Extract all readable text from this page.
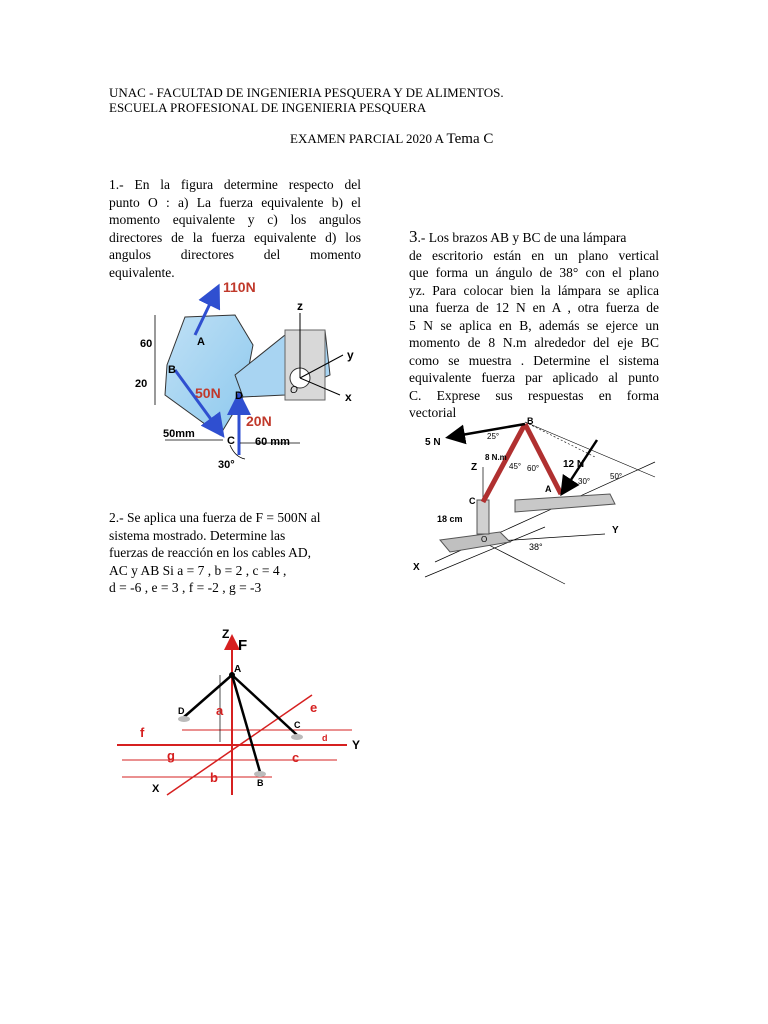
UNAC - FACULTAD DE INGENIERIA PESQUERA Y DE ALIMENTOS.
ESCUELA PROFESIONAL DE INGENIERIA PESQUERA
EXAMEN PARCIAL 2020 A Tema C
1.- En la figura determine respecto del
punto O : a) La fuerza equivalente b) el
momento equivalente y c) los angulos
directores de la fuerza equivalente d) los
angulos directores del momento
equivalente.
z
y
x
O
110N
50N
20N
A
B
C
D
60
20
50mm
60 mm
30°
2.- Se aplica una fuerza de F = 500N al
sistema mostrado. Determine las
fuerzas de reacción en los cables AD,
AC y AB Si a = 7 , b = 2 , c = 4 ,
d = -6 , e = 3 , f = -2 , g = -3
Z
F
A
D
C
B
Y
X
a
b
c
d
e
f
g
3.- Los brazos AB y BC de una lámpara
de escritorio están en un plano vertical
que forma un ángulo de 38° con el plano
yz. Para colocar bien la lámpara se aplica
una fuerza de 12 N en A , otra fuerza de
5 N se aplica en B, además se ejerce un
momento de 8 N.m alrededor del eje BC
como se muestra . Determine el sistema
equivalente fuerza par aplicado al punto
C. Exprese sus respuestas en forma
vectorial
5 N
12 N
8 N.m
25°
45° 60°
30°
50°
38°
B
A
C
O
Z
Y
X
18 cm
